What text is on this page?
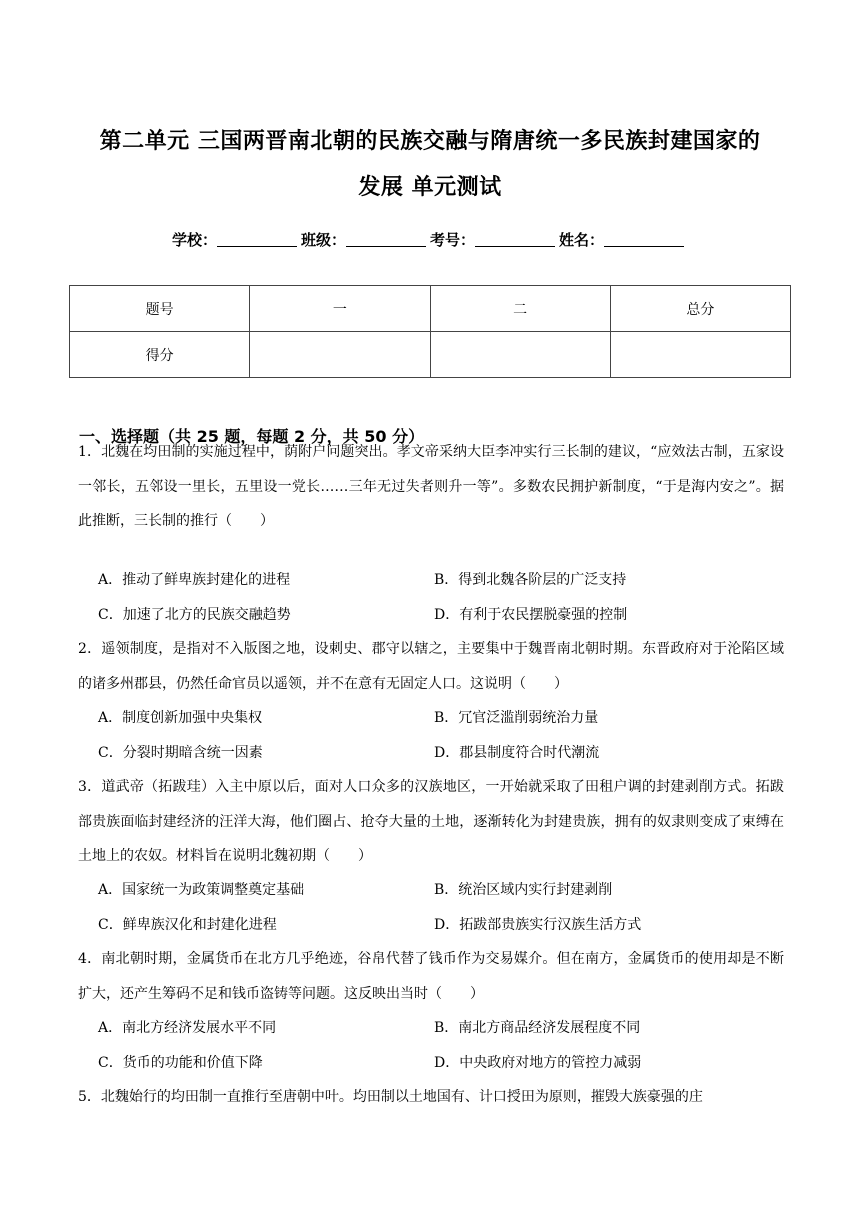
第二单元 三国两晋南北朝的民族交融与隋唐统一多民族封建国家的
发展 单元测试
学校：	班级：	考号：	姓名：
题号	一	二	总分
得分			
一、选择题（共 25 题，每题 2 分，共 50 分）
1．北魏在均田制的实施过程中，荫附户问题突出。孝文帝采纳大臣李冲实行三长制的建议，“应效法古制，五家设一邻长，五邻设一里长，五里设一党长……三年无过失者则升一等”。多数农民拥护新制度，“于是海内安之”。据此推断，三长制的推行（　　）
A．推动了鲜卑族封建化的进程	B．得到北魏各阶层的广泛支持
C．加速了北方的民族交融趋势	D．有利于农民摆脱豪强的控制
2．遥领制度，是指对不入版图之地，设刺史、郡守以辖之，主要集中于魏晋南北朝时期。东晋政府对于沦陷区域的诸多州郡县，仍然任命官员以遥领，并不在意有无固定人口。这说明（　　）
A．制度创新加强中央集权	B．冗官泛滥削弱统治力量
C．分裂时期暗含统一因素	D．郡县制度符合时代潮流
3．道武帝（拓跋珪）入主中原以后，面对人口众多的汉族地区，一开始就采取了田租户调的封建剥削方式。拓跋部贵族面临封建经济的汪洋大海，他们圈占、抢夺大量的土地，逐渐转化为封建贵族，拥有的奴隶则变成了束缚在土地上的农奴。材料旨在说明北魏初期（　　）
A．国家统一为政策调整奠定基础	B．统治区域内实行封建剥削
C．鲜卑族汉化和封建化进程	D．拓跋部贵族实行汉族生活方式
4．南北朝时期，金属货币在北方几乎绝迹，谷帛代替了钱币作为交易媒介。但在南方，金属货币的使用却是不断扩大，还产生筹码不足和钱币盗铸等问题。这反映出当时（　　）
A．南北方经济发展水平不同	B．南北方商品经济发展程度不同
C．货币的功能和价值下降	D．中央政府对地方的管控力减弱
5．北魏始行的均田制一直推行至唐朝中叶。均田制以土地国有、计口授田为原则，摧毁大族豪强的庄
